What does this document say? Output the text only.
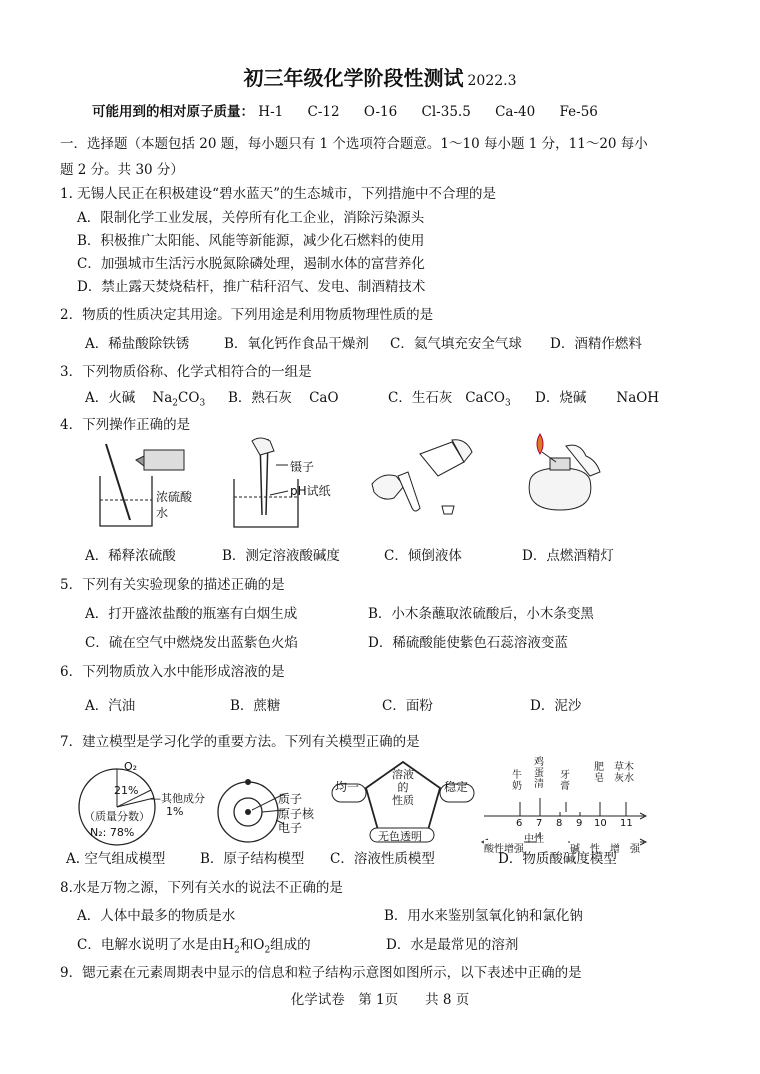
初三年级化学阶段性测试 2022.3
可能用到的相对原子质量： H-1 C-12 O-16 Cl-35.5 Ca-40 Fe-56
一．选择题（本题包括 20 题，每小题只有 1 个选项符合题意。1～10 每小题 1 分，11～20 每小
题 2 分。共 30 分）
1. 无锡人民正在积极建设“碧水蓝天”的生态城市，下列措施中不合理的是
A．限制化学工业发展，关停所有化工企业，消除污染源头
B．积极推广太阳能、风能等新能源，减少化石燃料的使用
C．加强城市生活污水脱氮除磷处理，遏制水体的富营养化
D．禁止露天焚烧秸杆，推广秸秆沼气、发电、制酒精技术
2．物质的性质决定其用途。下列用途是利用物质物理性质的是
A．稀盐酸除铁锈	B．氧化钙作食品干燥剂 C．氦气填充安全气球 D．酒精作燃料
3．下列物质俗称、化学式相符合的一组是
A．火碱 $Na_2CO_3$ B．熟石灰 CaO	C．生石灰 CaCO$_3$ D．烧碱 NaOH
4．下列操作正确的是
浓硫酸
水
镊子
pH试纸
A．稀释浓硫酸	B．测定溶液酸碱度	C．倾倒液体	D．点燃酒精灯
5．下列有关实验现象的描述正确的是
A．打开盛浓盐酸的瓶塞有白烟生成	B．小木条蘸取浓硫酸后，小木条变黑
C．硫在空气中燃烧发出蓝紫色火焰	D．稀硫酸能使紫色石蕊溶液变蓝
6．下列物质放入水中能形成溶液的是
A．汽油	B．蔗糖	C．面粉	D．泥沙
7．建立模型是学习化学的重要方法。下列有关模型正确的是
O₂
21%
—其他成分
1%
（质量分数）
N₂: 78%
质子
原子核
电子
均一	稳定
溶液
的
性质
无色透明
牛奶
鸡蛋清
牙膏
肥皂
草木灰水
6 7 8 9 10 11
中性
酸性增强	碱　性　增　强
A. 空气组成模型	B．原子结构模型 C．溶液性质模型	D．物质酸碱度模型
8.水是万物之源，下列有关水的说法不正确的是
A．人体中最多的物质是水	B．用水来鉴别氢氧化钠和氯化钠
C．电解水说明了水是由$H_2$和$O_2$组成的	D．水是最常见的溶剂
9．锶元素在元素周期表中显示的信息和粒子结构示意图如图所示，以下表述中正确的是
化学试卷　第 1页　　共 8 页
